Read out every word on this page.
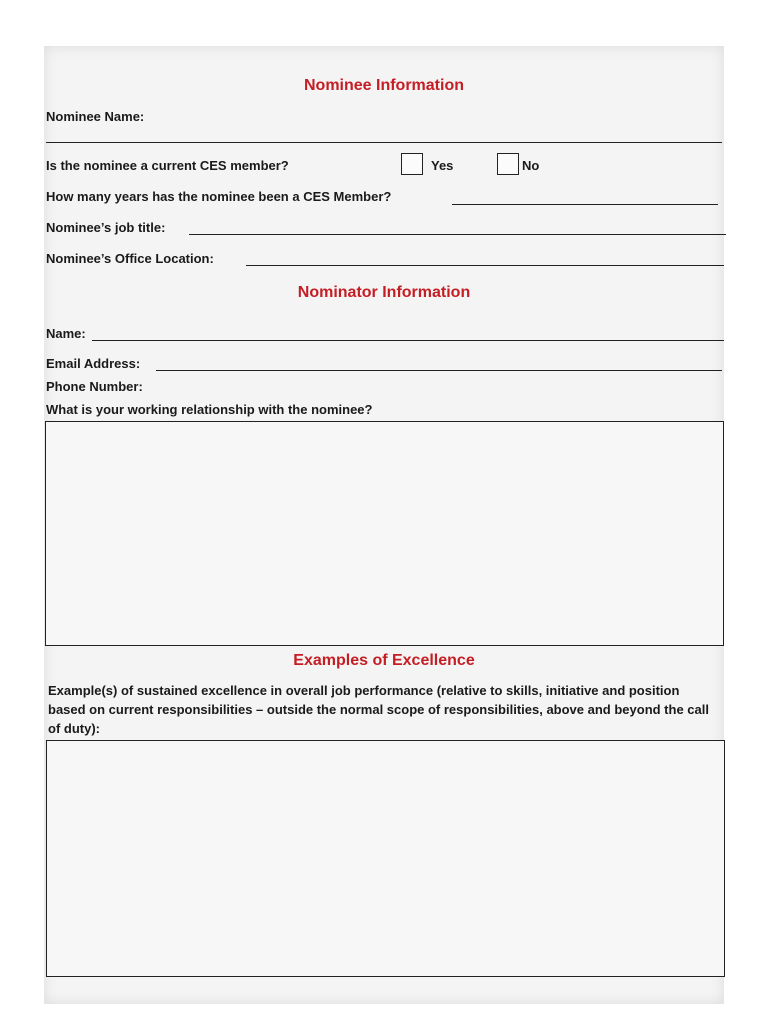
Nominee Information
Nominee Name:
Is the nominee a current CES member?	Yes	No
How many years has the nominee been a CES Member?
Nominee’s job title:
Nominee’s Office Location:
Nominator Information
Name:
Email Address:
Phone Number:
What is your working relationship with the nominee?
Examples of Excellence
Example(s) of sustained excellence in overall job performance (relative to skills, initiative and position based on current responsibilities – outside the normal scope of responsibilities, above and beyond the call of duty):
